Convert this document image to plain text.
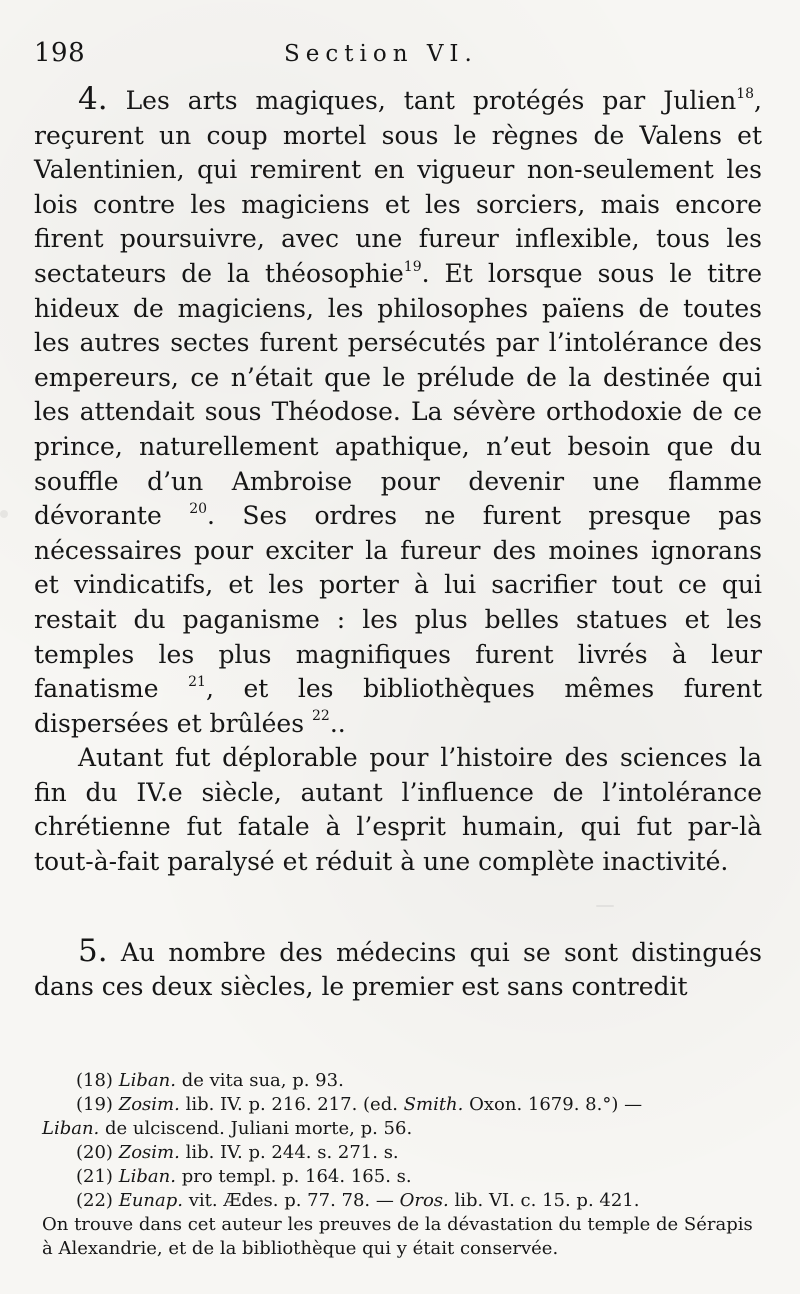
198	Section VI.

4. Les arts magiques, tant protégés par Julien$^{18}$, reçurent un coup mortel sous le règnes de Valens et Valentinien, qui remirent en vigueur non-seulement les lois contre les magiciens et les sorciers, mais encore firent poursuivre, avec une fureur inflexible, tous les sectateurs de la théosophie$^{19}$. Et lorsque sous le titre hideux de magiciens, les philosophes païens de toutes les autres sectes furent persécutés par l’intolérance des empereurs, ce n’était que le prélude de la destinée qui les attendait sous Théodose. La sévère orthodoxie de ce prince, naturellement apathique, n’eut besoin que du souffle d’un Ambroise pour devenir une flamme dévorante $^{20}$. Ses ordres ne furent presque pas nécessaires pour exciter la fureur des moines ignorans et vindicatifs, et les porter à lui sacrifier tout ce qui restait du paganisme : les plus belles statues et les temples les plus magnifiques furent livrés à leur fanatisme $^{21}$, et les bibliothèques mêmes furent dispersées et brûlées $^{22}$..

Autant fut déplorable pour l’histoire des sciences la fin du IV.e siècle, autant l’influence de l’intolérance chrétienne fut fatale à l’esprit humain, qui fut par-là tout-à-fait paralysé et réduit à une complète inactivité.

5. Au nombre des médecins qui se sont distingués dans ces deux siècles, le premier est sans contredit

(18) Liban. de vita sua, p. 93.

(19) Zosim. lib. IV. p. 216. 217. (ed. Smith. Oxon. 1679. 8.°) —

Liban. de ulciscend. Juliani morte, p. 56.

(20) Zosim. lib. IV. p. 244. s. 271. s.

(21) Liban. pro templ. p. 164. 165. s.

(22) Eunap. vit. Ædes. p. 77. 78. — Oros. lib. VI. c. 15. p. 421.

On trouve dans cet auteur les preuves de la dévastation du temple de Sérapis à Alexandrie, et de la bibliothèque qui y était conservée.
